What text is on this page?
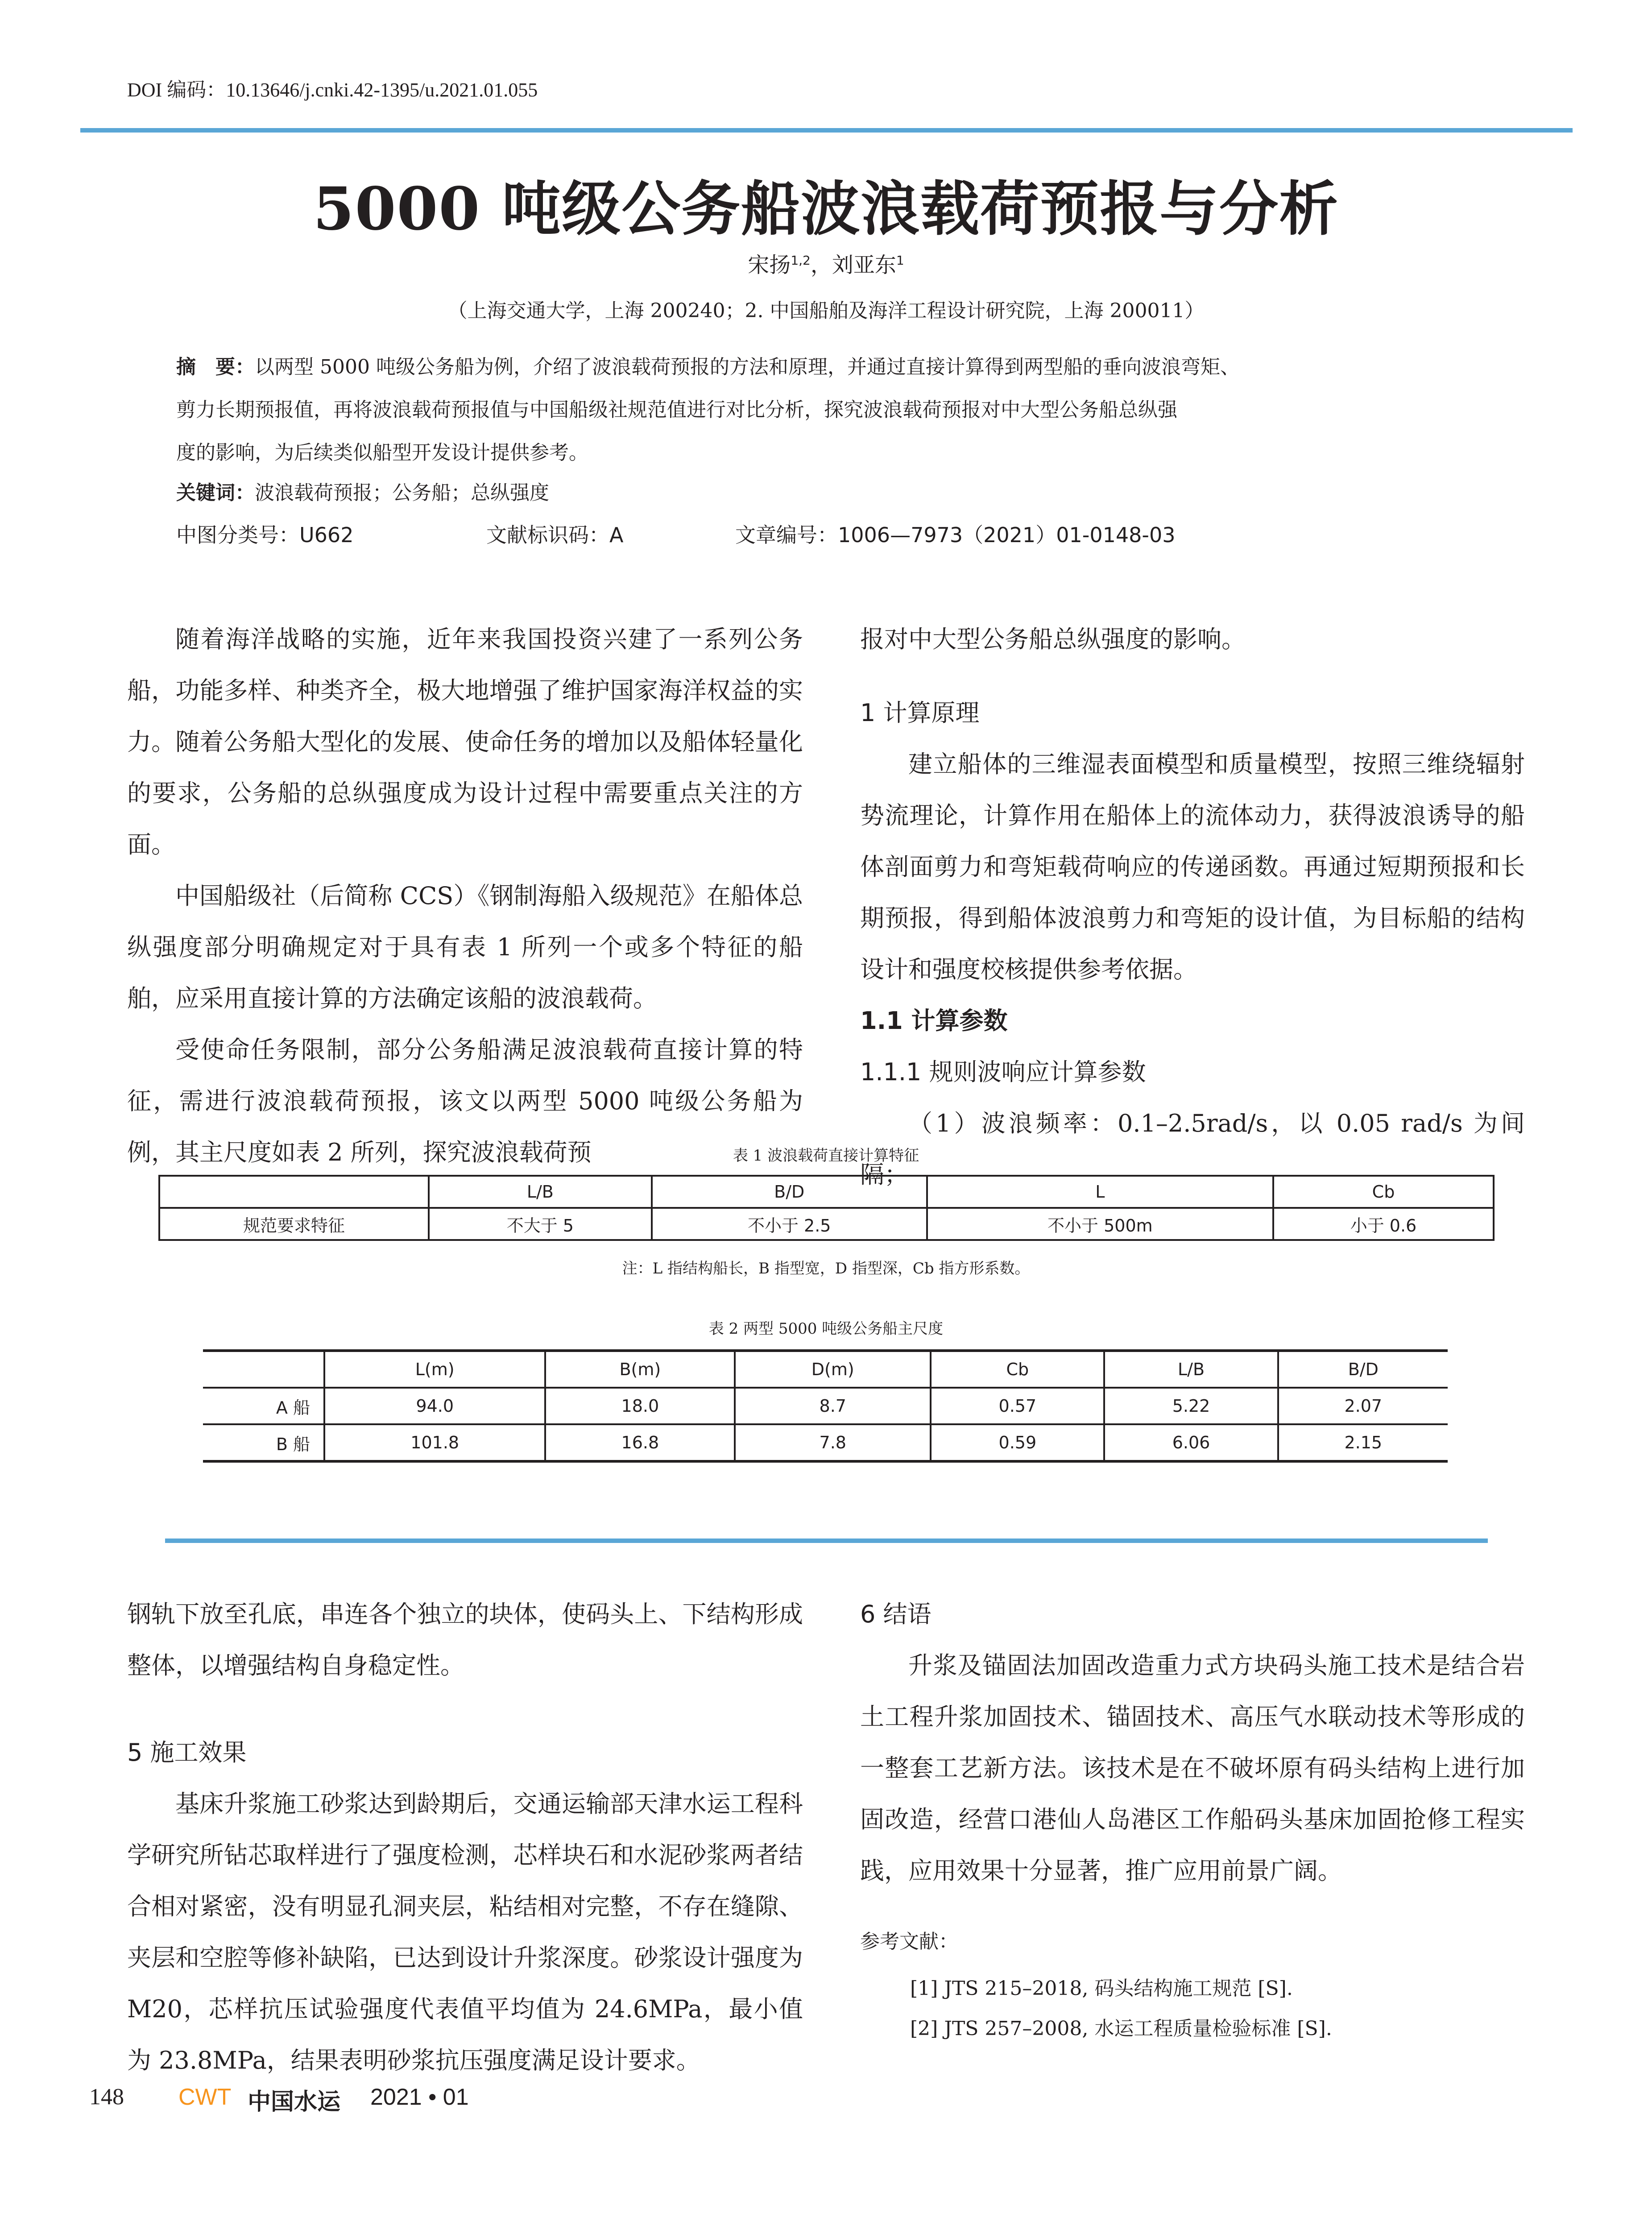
DOI 编码：10.13646/j.cnki.42-1395/u.2021.01.055
5000 吨级公务船波浪载荷预报与分析
宋扬$^{1,2}$，刘亚东$^1$
（上海交通大学，上海 200240；2. 中国船舶及海洋工程设计研究院，上海 200011）
摘　要：以两型 5000 吨级公务船为例，介绍了波浪载荷预报的方法和原理，并通过直接计算得到两型船的垂向波浪弯矩、
剪力长期预报值，再将波浪载荷预报值与中国船级社规范值进行对比分析，探究波浪载荷预报对中大型公务船总纵强
度的影响，为后续类似船型开发设计提供参考。
关键词：波浪载荷预报；公务船；总纵强度
中图分类号：U662	文献标识码：A	文章编号：1006—7973（2021）01-0148-03

随着海洋战略的实施，近年来我国投资兴建了一系列公务船，功能多样、种类齐全，极大地增强了维护国家海洋权益的实力。随着公务船大型化的发展、使命任务的增加以及船体轻量化的要求，公务船的总纵强度成为设计过程中需要重点关注的方面。

中国船级社（后简称 CCS）《钢制海船入级规范》在船体总纵强度部分明确规定对于具有表 1 所列一个或多个特征的船舶，应采用直接计算的方法确定该船的波浪载荷。

受使命任务限制，部分公务船满足波浪载荷直接计算的特征，需进行波浪载荷预报，该文以两型 5000 吨级公务船为例，其主尺度如表 2 所列，探究波浪载荷预

报对中大型公务船总纵强度的影响。

1 计算原理

建立船体的三维湿表面模型和质量模型，按照三维绕辐射势流理论，计算作用在船体上的流体动力，获得波浪诱导的船体剖面剪力和弯矩载荷响应的传递函数。再通过短期预报和长期预报，得到船体波浪剪力和弯矩的设计值，为目标船的结构设计和强度校核提供参考依据。

1.1 计算参数
1.1.1 规则波响应计算参数

（1）波浪频率：0.1–2.5rad/s，以 0.05 rad/s 为间隔；

表 1 波浪载荷直接计算特征
	L/B	B/D	L	Cb
规范要求特征	不大于 5	不小于 2.5	不小于 500m	小于 0.6
注：L 指结构船长，B 指型宽，D 指型深，Cb 指方形系数。
表 2 两型 5000 吨级公务船主尺度
	L(m)	B(m)	D(m)	Cb	L/B	B/D
A 船	94.0	18.0	8.7	0.57	5.22	2.07
B 船	101.8	16.8	7.8	0.59	6.06	2.15

钢轨下放至孔底，串连各个独立的块体，使码头上、下结构形成整体，以增强结构自身稳定性。

5 施工效果

基床升浆施工砂浆达到龄期后，交通运输部天津水运工程科学研究所钻芯取样进行了强度检测，芯样块石和水泥砂浆两者结合相对紧密，没有明显孔洞夹层，粘结相对完整，不存在缝隙、夹层和空腔等修补缺陷，已达到设计升浆深度。砂浆设计强度为 M20，芯样抗压试验强度代表值平均值为 24.6MPa，最小值为 23.8MPa，结果表明砂浆抗压强度满足设计要求。

6 结语

升浆及锚固法加固改造重力式方块码头施工技术是结合岩土工程升浆加固技术、锚固技术、高压气水联动技术等形成的一整套工艺新方法。该技术是在不破坏原有码头结构上进行加固改造，经营口港仙人岛港区工作船码头基床加固抢修工程实践，应用效果十分显著，推广应用前景广阔。

参考文献：
[1] JTS 215–2018, 码头结构施工规范 [S].
[2] JTS 257–2008, 水运工程质量检验标准 [S].
148 CWT 中国水运 2021 • 01
